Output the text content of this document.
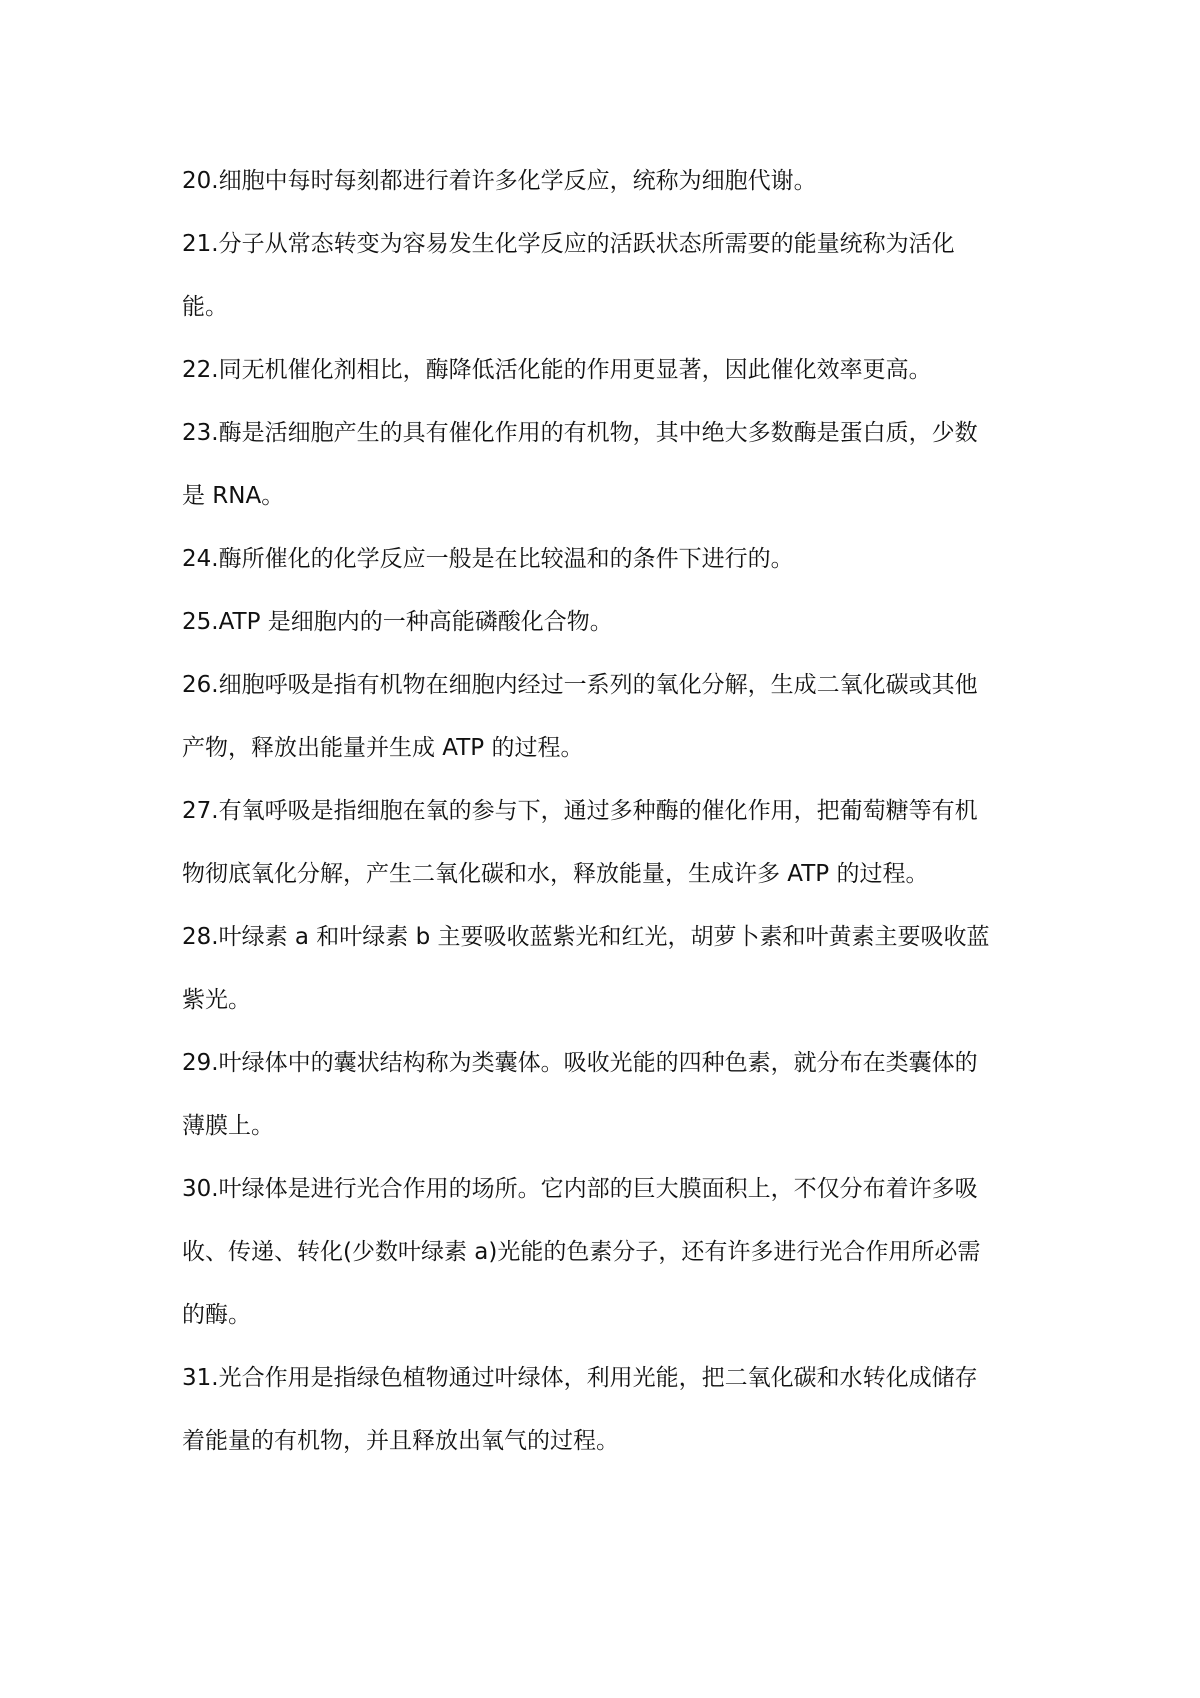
20.细胞中每时每刻都进行着许多化学反应，统称为细胞代谢。

21.分子从常态转变为容易发生化学反应的活跃状态所需要的能量统称为活化
能。

22.同无机催化剂相比，酶降低活化能的作用更显著，因此催化效率更高。

23.酶是活细胞产生的具有催化作用的有机物，其中绝大多数酶是蛋白质，少数
是 RNA。

24.酶所催化的化学反应一般是在比较温和的条件下进行的。

25.ATP 是细胞内的一种高能磷酸化合物。

26.细胞呼吸是指有机物在细胞内经过一系列的氧化分解，生成二氧化碳或其他
产物，释放出能量并生成 ATP 的过程。

27.有氧呼吸是指细胞在氧的参与下，通过多种酶的催化作用，把葡萄糖等有机
物彻底氧化分解，产生二氧化碳和水，释放能量，生成许多 ATP 的过程。

28.叶绿素 a 和叶绿素 b 主要吸收蓝紫光和红光，胡萝卜素和叶黄素主要吸收蓝
紫光。

29.叶绿体中的囊状结构称为类囊体。吸收光能的四种色素，就分布在类囊体的
薄膜上。

30.叶绿体是进行光合作用的场所。它内部的巨大膜面积上，不仅分布着许多吸
收、传递、转化(少数叶绿素 a)光能的色素分子，还有许多进行光合作用所必需
的酶。

31.光合作用是指绿色植物通过叶绿体，利用光能，把二氧化碳和水转化成储存
着能量的有机物，并且释放出氧气的过程。
